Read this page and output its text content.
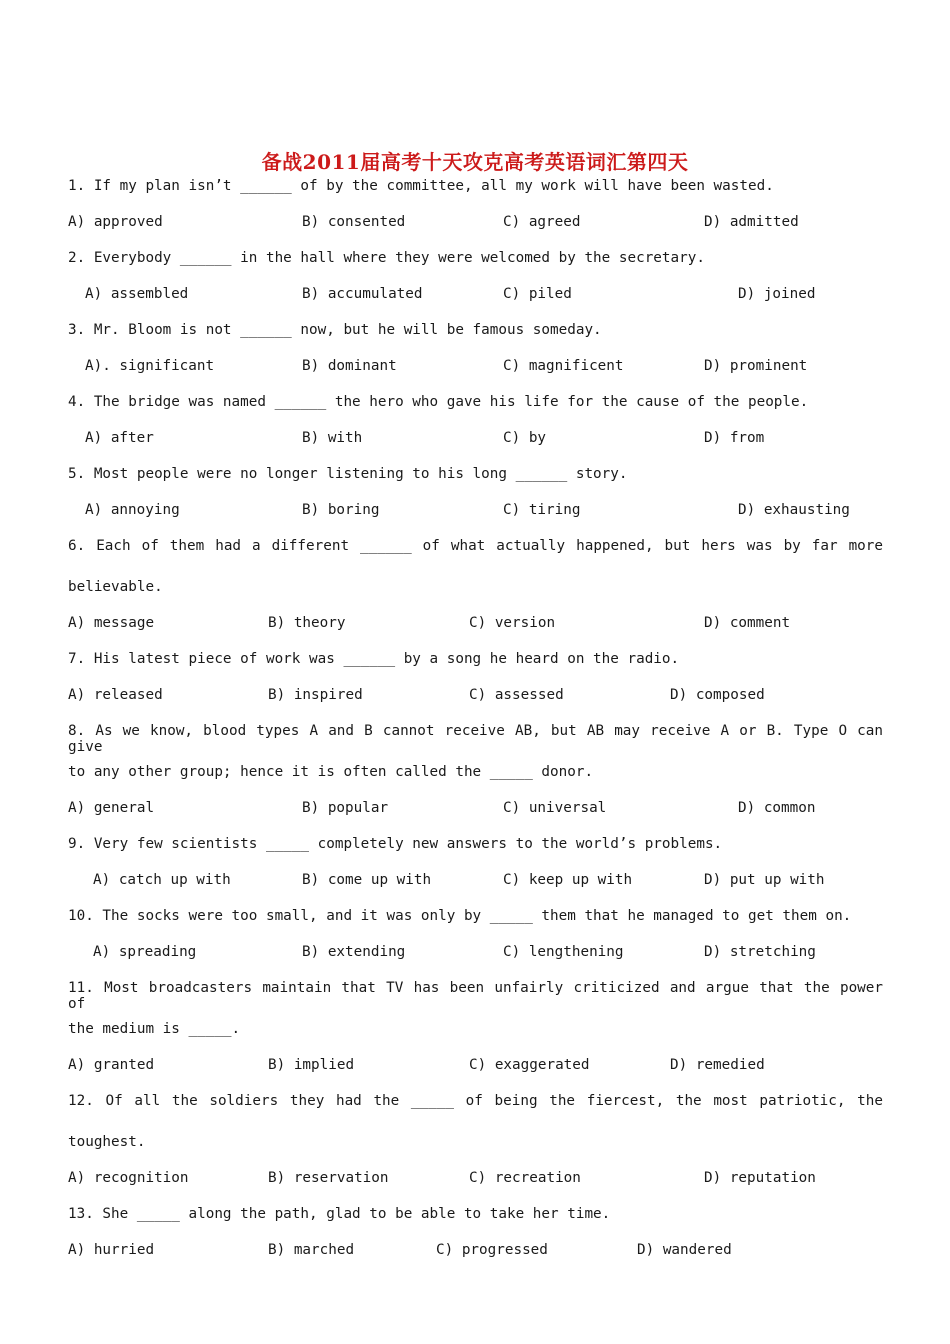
备战2011届高考十天攻克高考英语词汇第四天
1. If my plan isn’t ______ of by the committee, all my work will have been wasted.
A) approved	B) consented	C) agreed	D) admitted
2. Everybody ______ in the hall where they were welcomed by the secretary.
A) assembled	B) accumulated	C) piled	D) joined
3. Mr. Bloom is not ______ now, but he will be famous someday.
A). significant	B) dominant	C) magnificent	D) prominent
4. The bridge was named ______ the hero who gave his life for the cause of the people.
A) after	B) with	C) by	D) from
5. Most people were no longer listening to his long ______ story.
A) annoying	B) boring	C) tiring	D) exhausting
6. Each of them had a different ______ of what actually happened, but hers was by far more
believable.
A) message	B) theory	C) version	D) comment
7. His latest piece of work was ______ by a song he heard on the radio.
A) released	B) inspired	C) assessed	D) composed
8. As we know, blood types A and B cannot receive AB, but AB may receive A or B. Type O can give
to any other group; hence it is often called the _____ donor.
A) general	B) popular	C) universal	D) common
9. Very few scientists _____ completely new answers to the world’s problems.
A) catch up with	B) come up with	C) keep up with	D) put up with
10. The socks were too small, and it was only by _____ them that he managed to get them on.
A) spreading	B) extending	C) lengthening	D) stretching
11. Most broadcasters maintain that TV has been unfairly criticized and argue that the power of
the medium is _____.
A) granted	B) implied	C) exaggerated	D) remedied
12. Of all the soldiers they had the _____ of being the fiercest, the most patriotic, the
toughest.
A) recognition	B) reservation	C) recreation	D) reputation
13. She _____ along the path, glad to be able to take her time.
A) hurried	B) marched	C) progressed	D) wandered
